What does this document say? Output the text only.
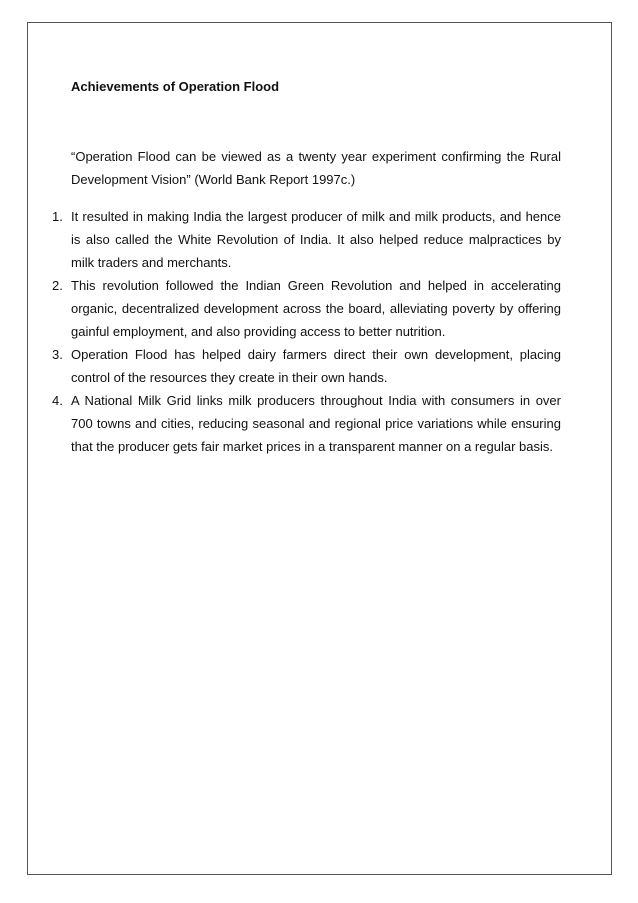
Achievements of Operation Flood
“Operation Flood can be viewed as a twenty year experiment confirming the Rural Development Vision” (World Bank Report 1997c.)
1. It resulted in making India the largest producer of milk and milk products, and hence is also called the White Revolution of India. It also helped reduce malpractices by milk traders and merchants.
2. This revolution followed the Indian Green Revolution and helped in accelerating organic, decentralized development across the board, alleviating poverty by offering gainful employment, and also providing access to better nutrition.
3. Operation Flood has helped dairy farmers direct their own development, placing control of the resources they create in their own hands.
4. A National Milk Grid links milk producers throughout India with consumers in over 700 towns and cities, reducing seasonal and regional price variations while ensuring that the producer gets fair market prices in a transparent manner on a regular basis.
